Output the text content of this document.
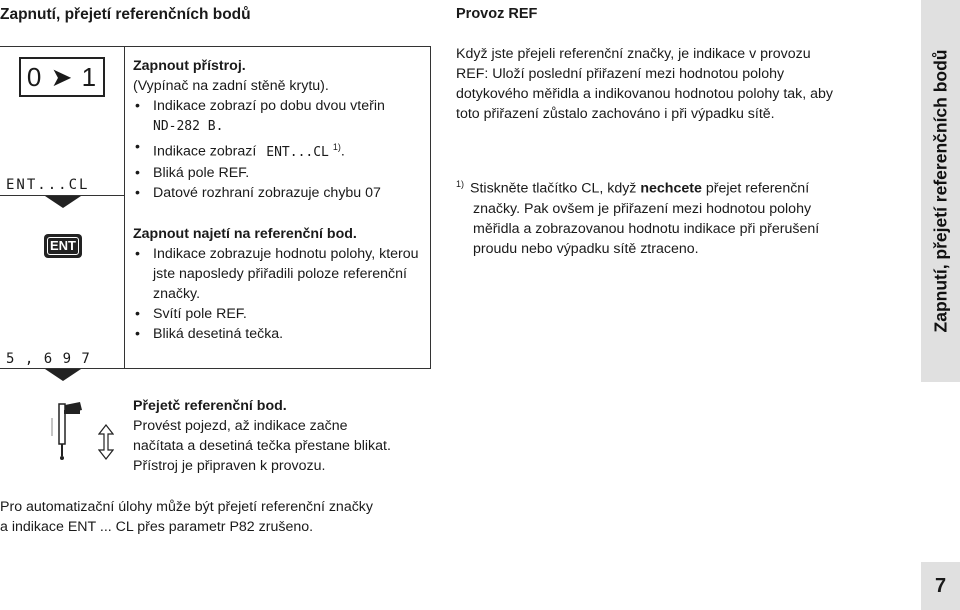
Zapnutí, přejetí referenčních bodů
0 ➤ 1
ENT...CL
Zapnout přístroj.
(Vypínač na zadní stěně krytu).
• Indikace zobrazí po dobu dvou vteřin
ND-282 B.
• Indikace zobrazí ENT...CL $^{1)}$.
• Bliká pole REF.
• Datové rozhraní zobrazuje chybu 07
ENT
5 , 6 9 7
Zapnout najetí na referenční bod.
• Indikace zobrazuje hodnotu polohy, kterou jste naposledy přiřadili poloze referenční značky.
• Svítí pole REF.
• Bliká desetiná tečka.
Přejetč referenční bod.
Provést pojezd, až indikace začne
načítata a desetiná tečka přestane blikat.
Přístroj je připraven k provozu.
Pro automatizační úlohy může být přejetí referenční značky
a indikace ENT ... CL přes parametr P82 zrušeno.
Provoz REF
Když jste přejeli referenční značky, je indikace v provozu
REF: Uloží poslední přiřazení mezi hodnotou polohy
dotykového měřidla a indikovanou hodnotou polohy tak, aby
toto přiřazení zůstalo zachováno i při výpadku sítě.
$^{1)}$ Stiskněte tlačítko CL, když nechcete přejet referenční
značky. Pak ovšem je přiřazení mezi hodnotou polohy
měřidla a zobrazovanou hodnotu indikace při přerušení
proudu nebo výpadku sítě ztraceno.	Zapnutí, přejetí referenčních bodů
7
